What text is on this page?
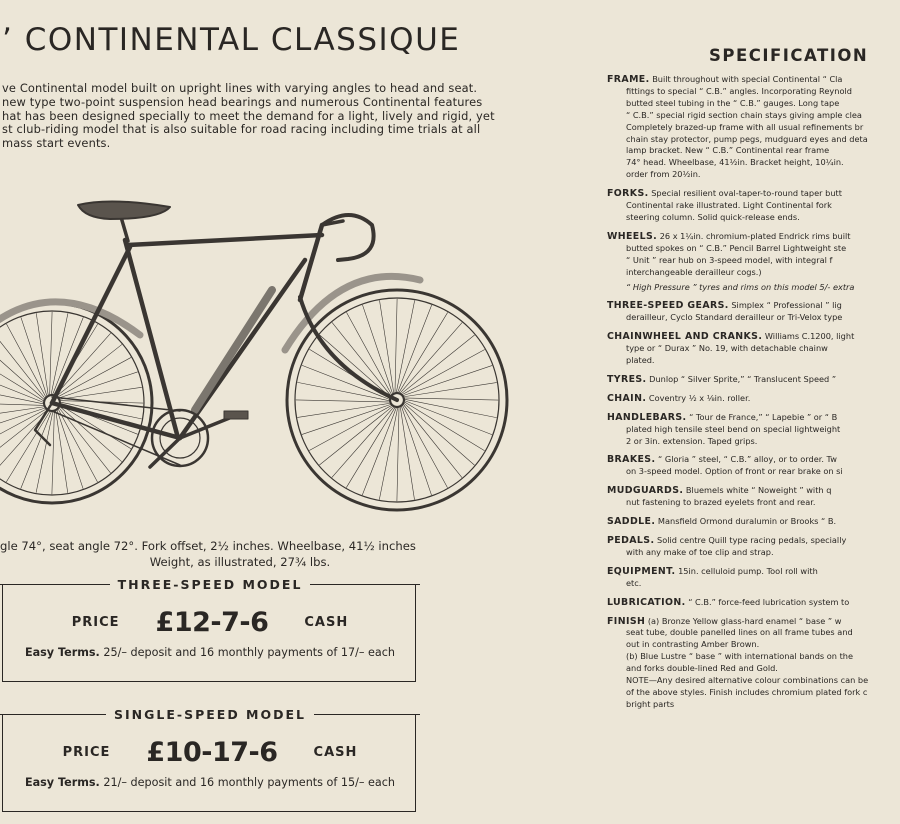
’ CONTINENTAL CLASSIQUE
ve Continental model built on upright lines with varying angles to head and seat.
new type two-point suspension head bearings and numerous Continental features
hat has been designed specially to meet the demand for a light, lively and rigid, yet
st club-riding model that is also suitable for road racing including time trials at all
mass start events.
gle 74°, seat angle 72°. Fork offset, 2½ inches. Wheelbase, 41½ inches
Weight, as illustrated, 27¾ lbs.
THREE-SPEED MODEL
PRICE £12-7-6	CASH
Easy Terms. 25/– deposit and 16 monthly payments of 17/– each
SINGLE-SPEED MODEL
PRICE £10-17-6	CASH
Easy Terms. 21/– deposit and 16 monthly payments of 15/– each
SPECIFICATION
FRAME. Built throughout with special Continental “ Cla
fittings to special “ C.B.” angles. Incorporating Reynold
butted steel tubing in the “ C.B.” gauges. Long tape
“ C.B.” special rigid section chain stays giving ample clea
Completely brazed-up frame with all usual refinements br
chain stay protector, pump pegs, mudguard eyes and deta
lamp bracket. New “ C.B.” Continental rear frame
74° head. Wheelbase, 41½in. Bracket height, 10¼in.
order from 20½in.
FORKS. Special resilient oval-taper-to-round taper butt
Continental rake illustrated. Light Continental fork
steering column. Solid quick-release ends.
WHEELS. 26 x 1¼in. chromium-plated Endrick rims built
butted spokes on “ C.B.” Pencil Barrel Lightweight ste
“ Unit ” rear hub on 3-speed model, with integral f
interchangeable derailleur cogs.)
“ High Pressure ” tyres and rims on this model 5/- extra
THREE-SPEED GEARS. Simplex “ Professional ” lig
derailleur, Cyclo Standard derailleur or Tri-Velox type
CHAINWHEEL AND CRANKS. Williams C.1200, light
type or “ Durax ” No. 19, with detachable chainw
plated.
TYRES. Dunlop “ Silver Sprite,” “ Translucent Speed ”
CHAIN. Coventry ½ x ⅛in. roller.
HANDLEBARS. “ Tour de France,” “ Lapebie ” or “ B
plated high tensile steel bend on special lightweight
2 or 3in. extension. Taped grips.
BRAKES. “ Gloria ” steel, “ C.B.” alloy, or to order. Tw
on 3-speed model. Option of front or rear brake on si
MUDGUARDS. Bluemels white “ Noweight ” with q
nut fastening to brazed eyelets front and rear.
SADDLE. Mansfield Ormond duralumin or Brooks “ B.
PEDALS. Solid centre Quill type racing pedals, specially
with any make of toe clip and strap.
EQUIPMENT. 15in. celluloid pump. Tool roll with
etc.
LUBRICATION. “ C.B.” force-feed lubrication system to
FINISH (a) Bronze Yellow glass-hard enamel “ base ” w
seat tube, double panelled lines on all frame tubes and
out in contrasting Amber Brown.
(b) Blue Lustre “ base ” with international bands on the
and forks double-lined Red and Gold.
NOTE—Any desired alternative colour combinations can be
of the above styles. Finish includes chromium plated fork c
bright parts
